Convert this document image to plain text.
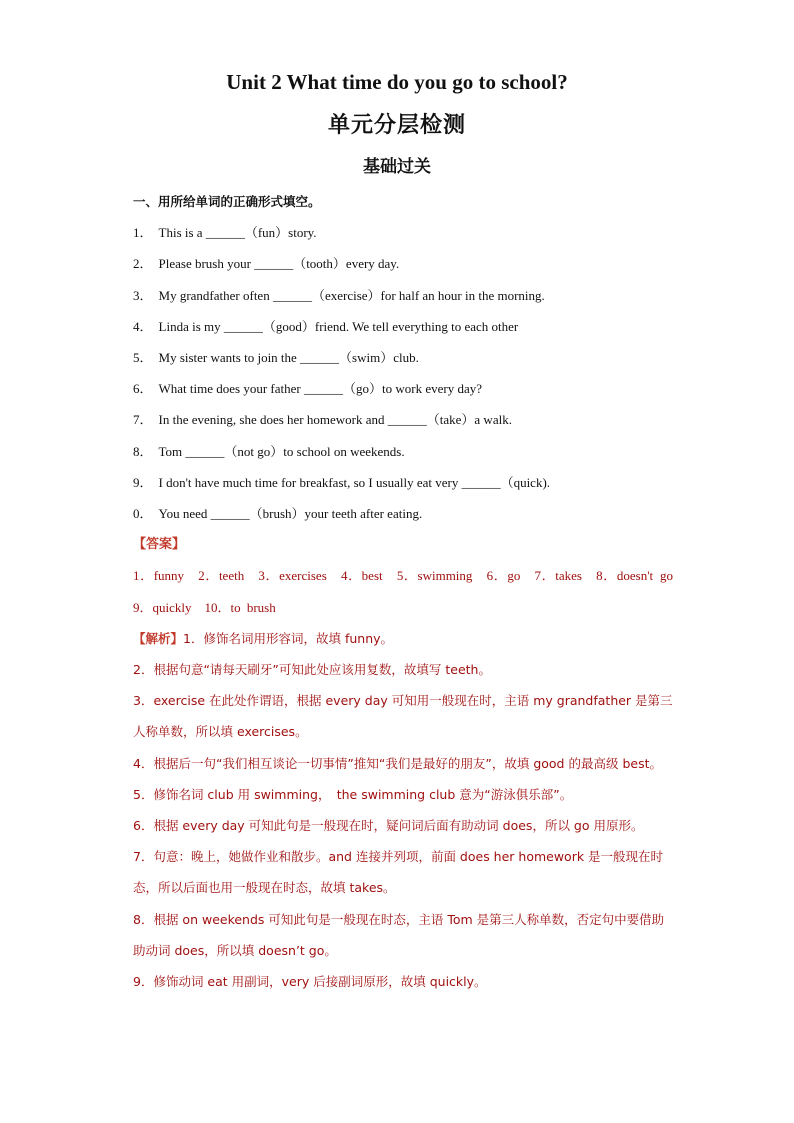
Unit 2 What time do you go to school?
单元分层检测
基础过关
一、用所给单词的正确形式填空。
1． This is a ______（fun）story.
2． Please brush your ______（tooth）every day.
3． My grandfather often ______（exercise）for half an hour in the morning.
4． Linda is my ______（good）friend. We tell everything to each other
5． My sister wants to join the ______（swim）club.
6． What time does your father ______（go）to work every day?
7． In the evening, she does her homework and ______（take）a walk.
8． Tom ______（not go）to school on weekends.
9． I don't have much time for breakfast, so I usually eat very ______（quick).
0． You need ______（brush）your teeth after eating.
【答案】
1．funny　2．teeth　3．exercises　4．best　5．swimming　6．go　7．takes　8．doesn't go　9．quickly　10．to brush
【解析】1．修饰名词用形容词，故填 funny。
2．根据句意“请每天刷牙”可知此处应该用复数，故填写 teeth。
3．exercise 在此处作谓语，根据 every day 可知用一般现在时，主语 my grandfather 是第三人称单数，所以填 exercises。
4．根据后一句“我们相互谈论一切事情”推知“我们是最好的朋友”，故填 good 的最高级 best。
5．修饰名词 club 用 swimming，　the swimming club 意为“游泳俱乐部”。
6．根据 every day 可知此句是一般现在时，疑问词后面有助动词 does，所以 go 用原形。
7．句意：晚上，她做作业和散步。and 连接并列项，前面 does her homework 是一般现在时态，所以后面也用一般现在时态，故填 takes。
8．根据 on weekends 可知此句是一般现在时态，主语 Tom 是第三人称单数，否定句中要借助助动词 does，所以填 doesn’t go。
9．修饰动词 eat 用副词，very 后接副词原形，故填 quickly。
